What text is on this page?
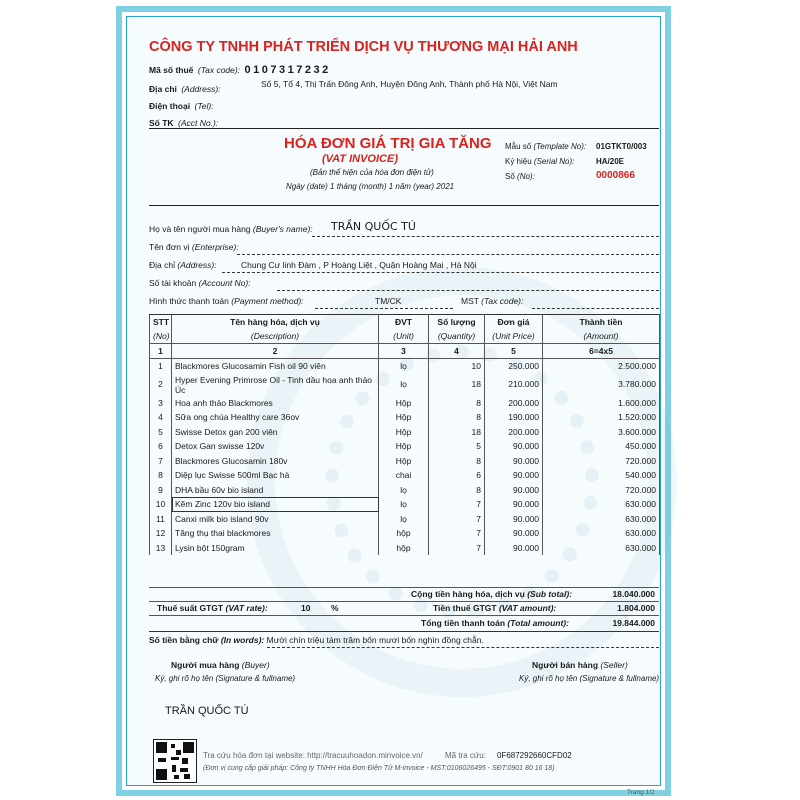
CÔNG TY TNHH PHÁT TRIỂN DỊCH VỤ THƯƠNG MẠI HẢI ANH
Mã số thuế (Tax code): 0107317232
Địa chỉ (Address):	Số 5, Tổ 4, Thị Trấn Đông Anh, Huyện Đông Anh, Thành phố Hà Nội, Việt Nam
Điện thoại (Tel):
Số TK (Acct No.):
HÓA ĐƠN GIÁ TRỊ GIA TĂNG
(VAT INVOICE)
(Bản thể hiện của hóa đơn điện tử)
Ngày (date) 1 tháng (month) 1 năm (year) 2021
Mẫu số (Template No): 01GTKT0/003
Ký hiệu (Serial No):	HA/20E
Số (No):	0000866
Họ và tên người mua hàng (Buyer's name): TRẦN QUỐC TÚ
Tên đơn vị (Enterprise):
Địa chỉ (Address):	Chung Cư linh Đàm , P Hoàng Liệt , Quận Hoàng Mai , Hà Nội
Số tài khoản (Account No):
Hình thức thanh toán (Payment method):	TM/CK	MST (Tax code):
STT	Tên hàng hóa, dịch vụ	ĐVT	Số lượng	Đơn giá	Thành tiền
(No)	(Description)	(Unit)	(Quantity)	(Unit Price)	(Amount)
1	2	3	4	5	6=4x5
1	Blackmores Glucosamin Fish oil 90 viên	lọ	10	250.000	2.500.000
2	Hyper Evening Primrose Oil - Tinh dầu hoa anh thảo Úc	lọ	18	210.000	3.780.000
3	Hoa anh thảo Blackmores	Hộp	8	200.000	1.600.000
4	Sữa ong chúa Healthy care 36ov	Hộp	8	190.000	1.520.000
5	Swisse Detox gan 200 viên	Hộp	18	200.000	3.600.000
6	Detox Gan swisse 120v	Hộp	5	90.000	450.000
7	Blackmores Glucosamin 180v	Hộp	8	90.000	720.000
8	Diệp lục Swisse 500ml Bạc hà	chai	6	90.000	540.000
9	DHA bầu 60v bio island	lọ	8	90.000	720.000
10	Kẽm Zinc 120v bio island	lọ	7	90.000	630.000
11	Canxi milk bio island 90v	lọ	7	90.000	630.000
12	Tăng thụ thai blackmores	hộp	7	90.000	630.000
13	Lysin bột 150gram	hộp	7	90.000	630.000
Cộng tiền hàng hóa, dịch vụ (Sub total):	18.040.000
Thuế suất GTGT (VAT rate):	10 %	Tiền thuế GTGT (VAT amount):	1.804.000
Tổng tiền thanh toán (Total amount):	19.844.000
Số tiền bằng chữ (In words): Mười chín triệu tám trăm bốn mươi bốn nghìn đồng chẵn.
Người mua hàng (Buyer)
Ký, ghi rõ họ tên (Signature & fullname)
Người bán hàng (Seller)
Ký, ghi rõ họ tên (Signature & fullname)
TRẦN QUỐC TÚ
Tra cứu hóa đơn tại website: http://tracuuhoadon.minvoice.vn/	Mã tra cứu: 0F687292660CFD02
(Đơn vị cung cấp giải pháp: Công ty TNHH Hóa Đơn Điện Tử M-invoice - MST:0106026495 - SĐT:0901 80 16 18)
Trang 1/2
